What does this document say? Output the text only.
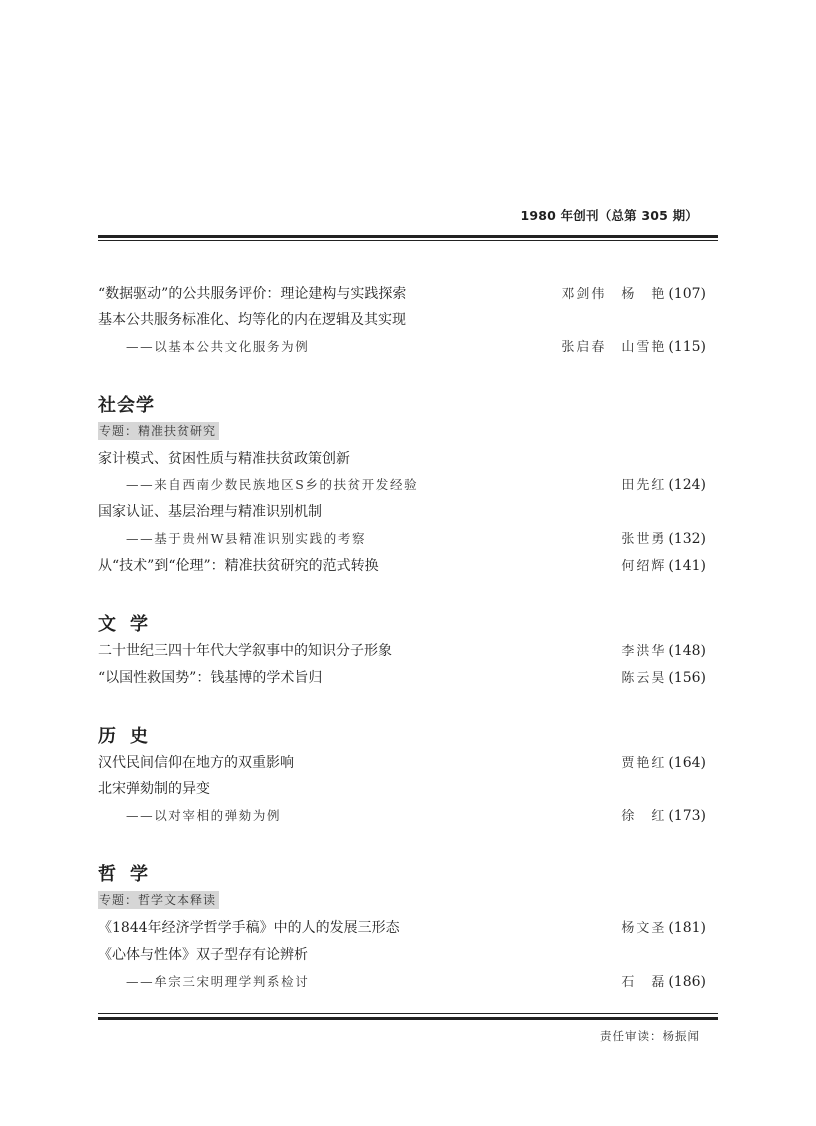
1980 年创刊（总第 305 期）
“数据驱动”的公共服务评价：理论建构与实践探索	邓剑伟　杨　艳 (107)
基本公共服务标准化、均等化的内在逻辑及其实现
——以基本公共文化服务为例	张启春　山雪艳 (115)
社会学
专题：精准扶贫研究
家计模式、贫困性质与精准扶贫政策创新
——来自西南少数民族地区S乡的扶贫开发经验	田先红 (124)
国家认证、基层治理与精准识别机制
——基于贵州W县精准识别实践的考察	张世勇 (132)
从“技术”到“伦理”：精准扶贫研究的范式转换	何绍辉 (141)
文学
二十世纪三四十年代大学叙事中的知识分子形象	李洪华 (148)
“以国性救国势”：钱基博的学术旨归	陈云昊 (156)
历史
汉代民间信仰在地方的双重影响	贾艳红 (164)
北宋弹劾制的异变
——以对宰相的弹劾为例	徐　红 (173)
哲学
专题：哲学文本释读
《1844年经济学哲学手稿》中的人的发展三形态	杨文圣 (181)
《心体与性体》双子型存有论辨析
——牟宗三宋明理学判系检讨	石　磊 (186)
责任审读：杨振闻
